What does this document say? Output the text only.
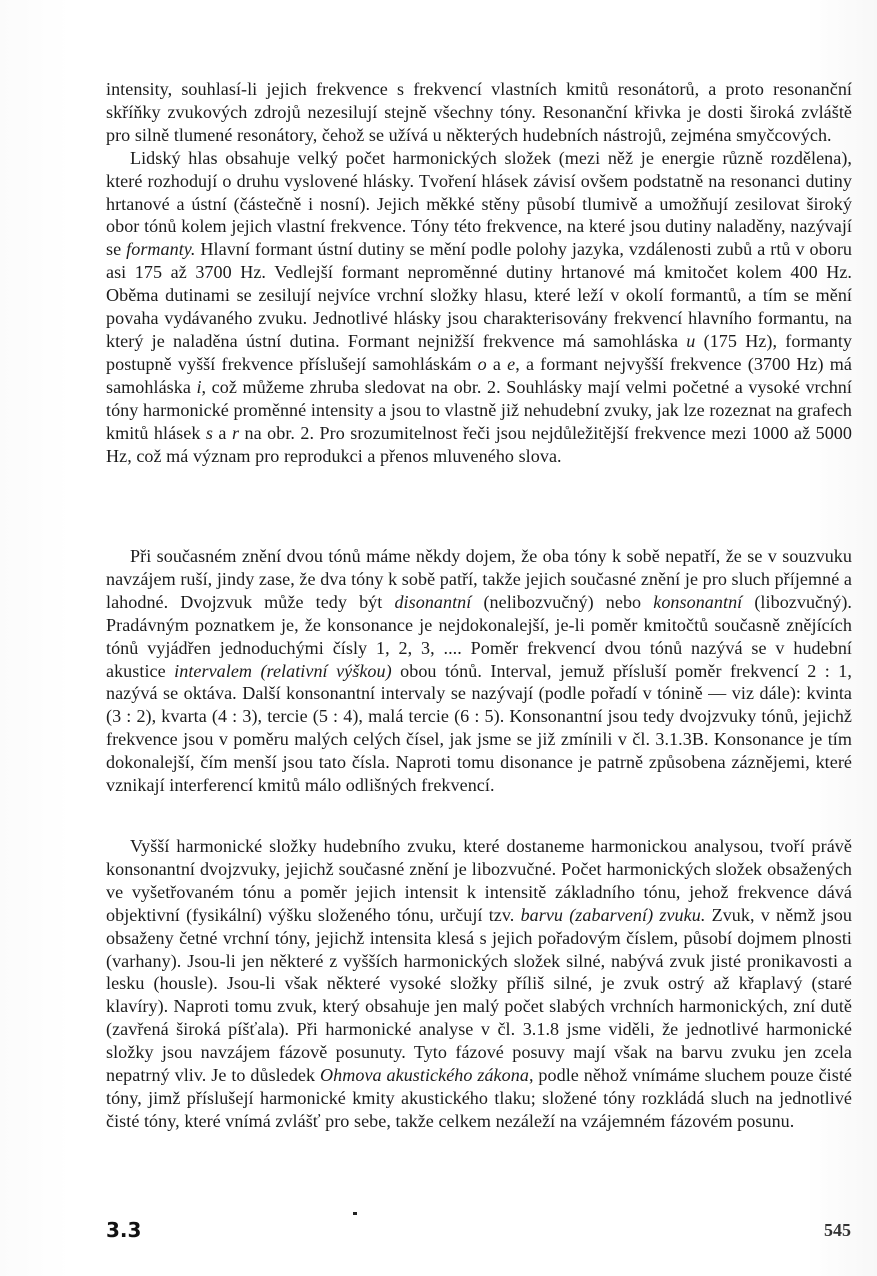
intensity, souhlasí-li jejich frekvence s frekvencí vlastních kmitů resonátorů, a proto resonanční skříňky zvukových zdrojů nezesilují stejně všechny tóny. Resonanční křivka je dosti široká zvláště pro silně tlumené resonátory, čehož se užívá u některých hudebních nástrojů, zejména smyčcových.

Lidský hlas obsahuje velký počet harmonických složek (mezi něž je energie různě rozdělena), které rozhodují o druhu vyslovené hlásky. Tvoření hlásek závisí ovšem podstatně na resonanci dutiny hrtanové a ústní (částečně i nosní). Jejich měkké stěny působí tlumivě a umožňují zesilovat široký obor tónů kolem jejich vlastní frekvence. Tóny této frekvence, na které jsou dutiny naladěny, nazývají se formanty. Hlavní formant ústní dutiny se mění podle polohy jazyka, vzdálenosti zubů a rtů v oboru asi 175 až 3700 Hz. Vedlejší formant neproměnné dutiny hrtanové má kmitočet kolem 400 Hz. Oběma dutinami se zesilují nejvíce vrchní složky hlasu, které leží v okolí formantů, a tím se mění povaha vydávaného zvuku. Jednotlivé hlásky jsou charakterisovány frekvencí hlavního formantu, na který je naladěna ústní dutina. Formant nejnižší frekvence má samohláska u (175 Hz), formanty postupně vyšší frekvence příslušejí samohláskám o a e, a formant nejvyšší frekvence (3700 Hz) má samohláska i, což můžeme zhruba sledovat na obr. 2. Souhlásky mají velmi početné a vysoké vrchní tóny harmonické proměnné intensity a jsou to vlastně již nehudební zvuky, jak lze rozeznat na grafech kmitů hlásek s a r na obr. 2. Pro srozumitelnost řeči jsou nejdůležitější frekvence mezi 1000 až 5000 Hz, což má význam pro reprodukci a přenos mluveného slova.

Při současném znění dvou tónů máme někdy dojem, že oba tóny k sobě nepatří, že se v souzvuku navzájem ruší, jindy zase, že dva tóny k sobě patří, takže jejich současné znění je pro sluch příjemné a lahodné. Dvojzvuk může tedy být disonantní (nelibozvučný) nebo konsonantní (libozvučný). Pradávným poznatkem je, že konsonance je nejdokonalejší, je-li poměr kmitočtů současně znějících tónů vyjádřen jednoduchými čísly 1, 2, 3, .... Poměr frekvencí dvou tónů nazývá se v hudební akustice intervalem (relativní výškou) obou tónů. Interval, jemuž přísluší poměr frekvencí 2 : 1, nazývá se oktáva. Další konsonantní intervaly se nazývají (podle pořadí v tónině — viz dále): kvinta (3 : 2), kvarta (4 : 3), tercie (5 : 4), malá tercie (6 : 5). Konsonantní jsou tedy dvojzvuky tónů, jejichž frekvence jsou v poměru malých celých čísel, jak jsme se již zmínili v čl. 3.1.3B. Konsonance je tím dokonalejší, čím menší jsou tato čísla. Naproti tomu disonance je patrně způsobena záznějemi, které vznikají interferencí kmitů málo odlišných frekvencí.

Vyšší harmonické složky hudebního zvuku, které dostaneme harmonickou analysou, tvoří právě konsonantní dvojzvuky, jejichž současné znění je libozvučné. Počet harmonických složek obsažených ve vyšetřovaném tónu a poměr jejich intensit k intensitě základního tónu, jehož frekvence dává objektivní (fysikální) výšku složeného tónu, určují tzv. barvu (zabarvení) zvuku. Zvuk, v němž jsou obsaženy četné vrchní tóny, jejichž intensita klesá s jejich pořadovým číslem, působí dojmem plnosti (varhany). Jsou-li jen některé z vyšších harmonických složek silné, nabývá zvuk jisté pronikavosti a lesku (housle). Jsou-li však některé vysoké složky příliš silné, je zvuk ostrý až křaplavý (staré klavíry). Naproti tomu zvuk, který obsahuje jen malý počet slabých vrchních harmonických, zní dutě (zavřená široká píšťala). Při harmonické analyse v čl. 3.1.8 jsme viděli, že jednotlivé harmonické složky jsou navzájem fázově posunuty. Tyto fázové posuvy mají však na barvu zvuku jen zcela nepatrný vliv. Je to důsledek Ohmova akustického zákona, podle něhož vnímáme sluchem pouze čisté tóny, jimž příslušejí harmonické kmity akustického tlaku; složené tóny rozkládá sluch na jednotlivé čisté tóny, které vnímá zvlášť pro sebe, takže celkem nezáleží na vzájemném fázovém posunu.

3.3	545
